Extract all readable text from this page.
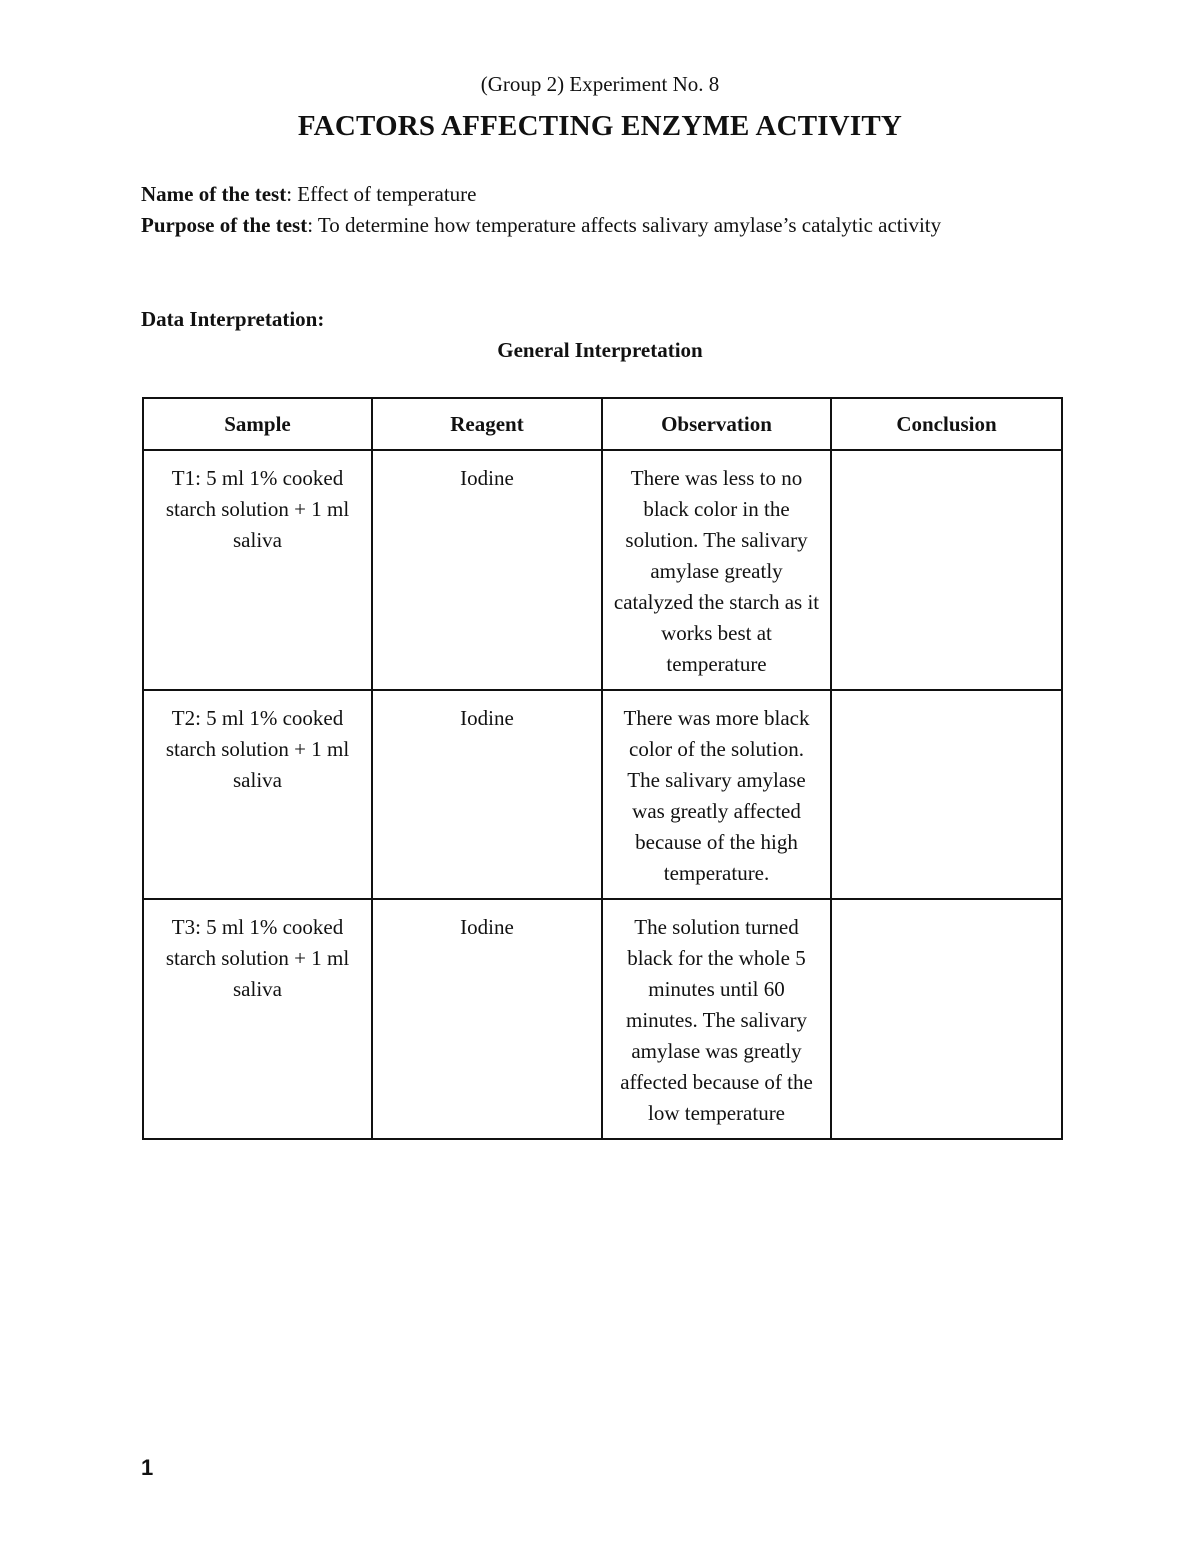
(Group 2) Experiment No. 8
FACTORS AFFECTING ENZYME ACTIVITY
Name of the test: Effect of temperature
Purpose of the test: To determine how temperature affects salivary amylase’s catalytic activity
Data Interpretation:
General Interpretation
Sample	Reagent	Observation	Conclusion
T1: 5 ml 1% cooked starch solution + 1 ml saliva	Iodine	There was less to no black color in the solution. The salivary amylase greatly catalyzed the starch as it works best at temperature	
T2: 5 ml 1% cooked starch solution + 1 ml saliva	Iodine	There was more black color of the solution. The salivary amylase was greatly affected because of the high temperature.	
T3: 5 ml 1% cooked starch solution + 1 ml saliva	Iodine	The solution turned black for the whole 5 minutes until 60 minutes. The salivary amylase was greatly affected because of the low temperature	
1
